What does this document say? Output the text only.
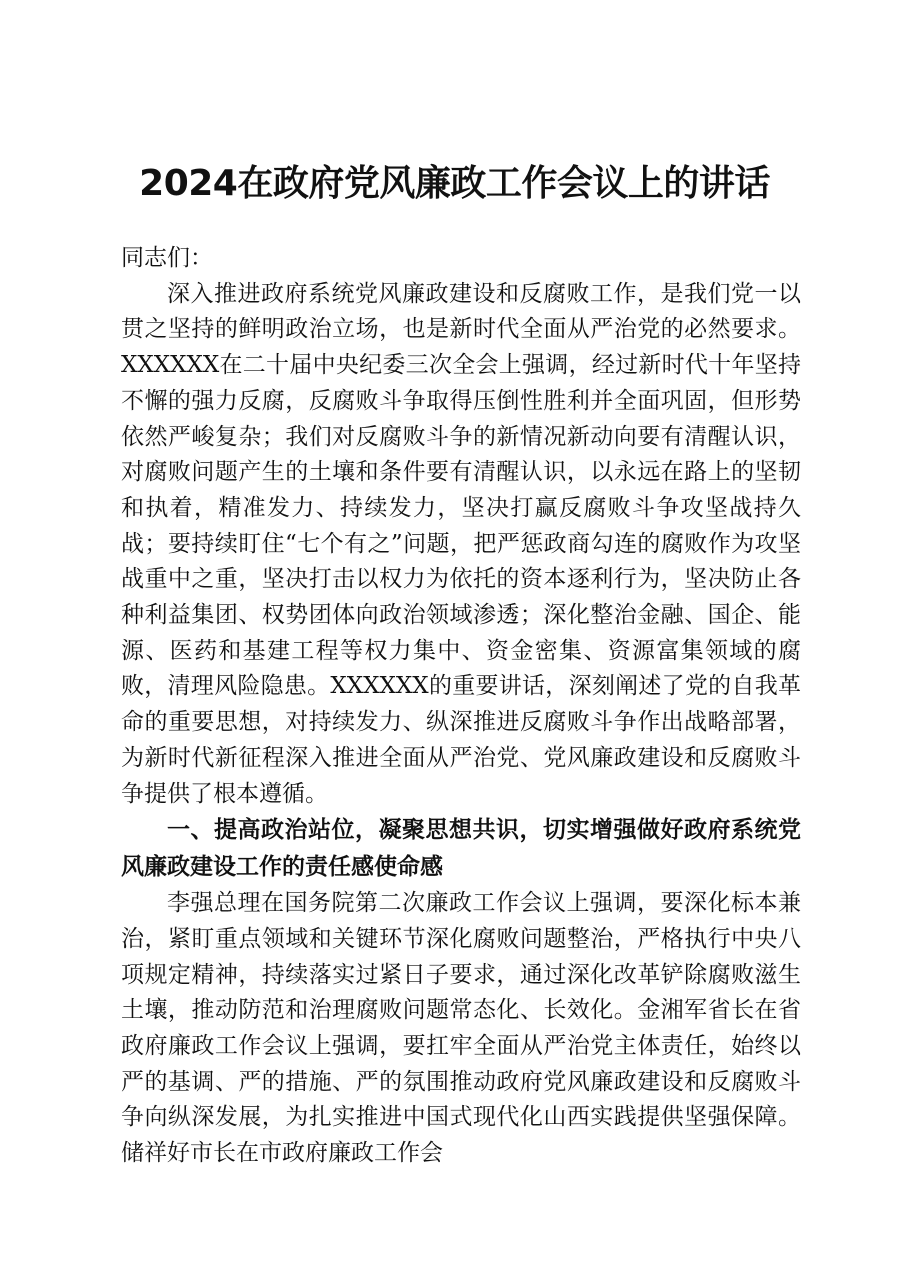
2024在政府党风廉政工作会议上的讲话

同志们：

深入推进政府系统党风廉政建设和反腐败工作，是我们党一以贯之坚持的鲜明政治立场，也是新时代全面从严治党的必然要求。XXXXXX在二十届中央纪委三次全会上强调，经过新时代十年坚持不懈的强力反腐，反腐败斗争取得压倒性胜利并全面巩固，但形势依然严峻复杂；我们对反腐败斗争的新情况新动向要有清醒认识，对腐败问题产生的土壤和条件要有清醒认识，以永远在路上的坚韧和执着，精准发力、持续发力，坚决打赢反腐败斗争攻坚战持久战；要持续盯住“七个有之”问题，把严惩政商勾连的腐败作为攻坚战重中之重，坚决打击以权力为依托的资本逐利行为，坚决防止各种利益集团、权势团体向政治领域渗透；深化整治金融、国企、能源、医药和基建工程等权力集中、资金密集、资源富集领域的腐败，清理风险隐患。XXXXXX的重要讲话，深刻阐述了党的自我革命的重要思想，对持续发力、纵深推进反腐败斗争作出战略部署，为新时代新征程深入推进全面从严治党、党风廉政建设和反腐败斗争提供了根本遵循。

一、提高政治站位，凝聚思想共识，切实增强做好政府系统党风廉政建设工作的责任感使命感

李强总理在国务院第二次廉政工作会议上强调，要深化标本兼治，紧盯重点领域和关键环节深化腐败问题整治，严格执行中央八项规定精神，持续落实过紧日子要求，通过深化改革铲除腐败滋生土壤，推动防范和治理腐败问题常态化、长效化。金湘军省长在省政府廉政工作会议上强调，要扛牢全面从严治党主体责任，始终以严的基调、严的措施、严的氛围推动政府党风廉政建设和反腐败斗争向纵深发展，为扎实推进中国式现代化山西实践提供坚强保障。储祥好市长在市政府廉政工作会
